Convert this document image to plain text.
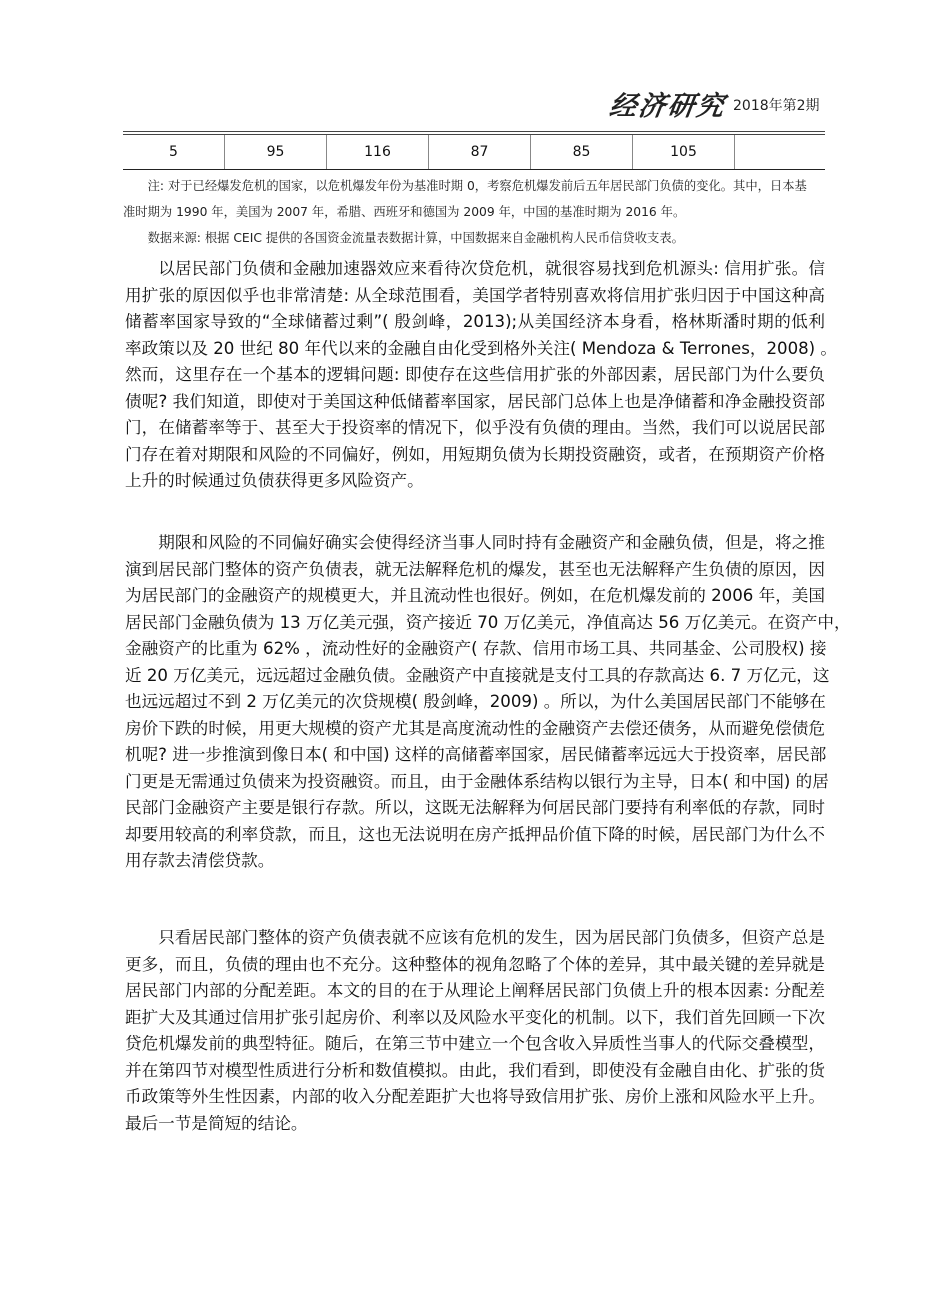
经济研究 2018年第2期
5	95	116	87	85	105
注: 对于已经爆发危机的国家，以危机爆发年份为基准时期 0，考察危机爆发前后五年居民部门负债的变化。其中，日本基
准时期为 1990 年，美国为 2007 年，希腊、西班牙和德国为 2009 年，中国的基准时期为 2016 年。
数据来源: 根据 CEIC 提供的各国资金流量表数据计算，中国数据来自金融机构人民币信贷收支表。
以居民部门负债和金融加速器效应来看待次贷危机，就很容易找到危机源头: 信用扩张。信
用扩张的原因似乎也非常清楚: 从全球范围看，美国学者特别喜欢将信用扩张归因于中国这种高
储蓄率国家导致的“全球储蓄过剩”( 殷剑峰，2013);从美国经济本身看，格林斯潘时期的低利
率政策以及 20 世纪 80 年代以来的金融自由化受到格外关注( Mendoza & Terrones，2008) 。
然而，这里存在一个基本的逻辑问题: 即使存在这些信用扩张的外部因素，居民部门为什么要负
债呢? 我们知道，即使对于美国这种低储蓄率国家，居民部门总体上也是净储蓄和净金融投资部
门，在储蓄率等于、甚至大于投资率的情况下，似乎没有负债的理由。当然，我们可以说居民部
门存在着对期限和风险的不同偏好，例如，用短期负债为长期投资融资，或者，在预期资产价格
上升的时候通过负债获得更多风险资产。
期限和风险的不同偏好确实会使得经济当事人同时持有金融资产和金融负债，但是，将之推
演到居民部门整体的资产负债表，就无法解释危机的爆发，甚至也无法解释产生负债的原因，因
为居民部门的金融资产的规模更大，并且流动性也很好。例如，在危机爆发前的 2006 年，美国
居民部门金融负债为 13 万亿美元强，资产接近 70 万亿美元，净值高达 56 万亿美元。在资产中，
金融资产的比重为 62% ，流动性好的金融资产( 存款、信用市场工具、共同基金、公司股权) 接
近 20 万亿美元，远远超过金融负债。金融资产中直接就是支付工具的存款高达 6. 7 万亿元，这
也远远超过不到 2 万亿美元的次贷规模( 殷剑峰，2009) 。所以，为什么美国居民部门不能够在
房价下跌的时候，用更大规模的资产尤其是高度流动性的金融资产去偿还债务，从而避免偿债危
机呢? 进一步推演到像日本( 和中国) 这样的高储蓄率国家，居民储蓄率远远大于投资率，居民部
门更是无需通过负债来为投资融资。而且，由于金融体系结构以银行为主导，日本( 和中国) 的居
民部门金融资产主要是银行存款。所以，这既无法解释为何居民部门要持有利率低的存款，同时
却要用较高的利率贷款，而且，这也无法说明在房产抵押品价值下降的时候，居民部门为什么不
用存款去清偿贷款。
只看居民部门整体的资产负债表就不应该有危机的发生，因为居民部门负债多，但资产总是
更多，而且，负债的理由也不充分。这种整体的视角忽略了个体的差异，其中最关键的差异就是
居民部门内部的分配差距。本文的目的在于从理论上阐释居民部门负债上升的根本因素: 分配差
距扩大及其通过信用扩张引起房价、利率以及风险水平变化的机制。以下，我们首先回顾一下次
贷危机爆发前的典型特征。随后，在第三节中建立一个包含收入异质性当事人的代际交叠模型，
并在第四节对模型性质进行分析和数值模拟。由此，我们看到，即使没有金融自由化、扩张的货
币政策等外生性因素，内部的收入分配差距扩大也将导致信用扩张、房价上涨和风险水平上升。
最后一节是简短的结论。
